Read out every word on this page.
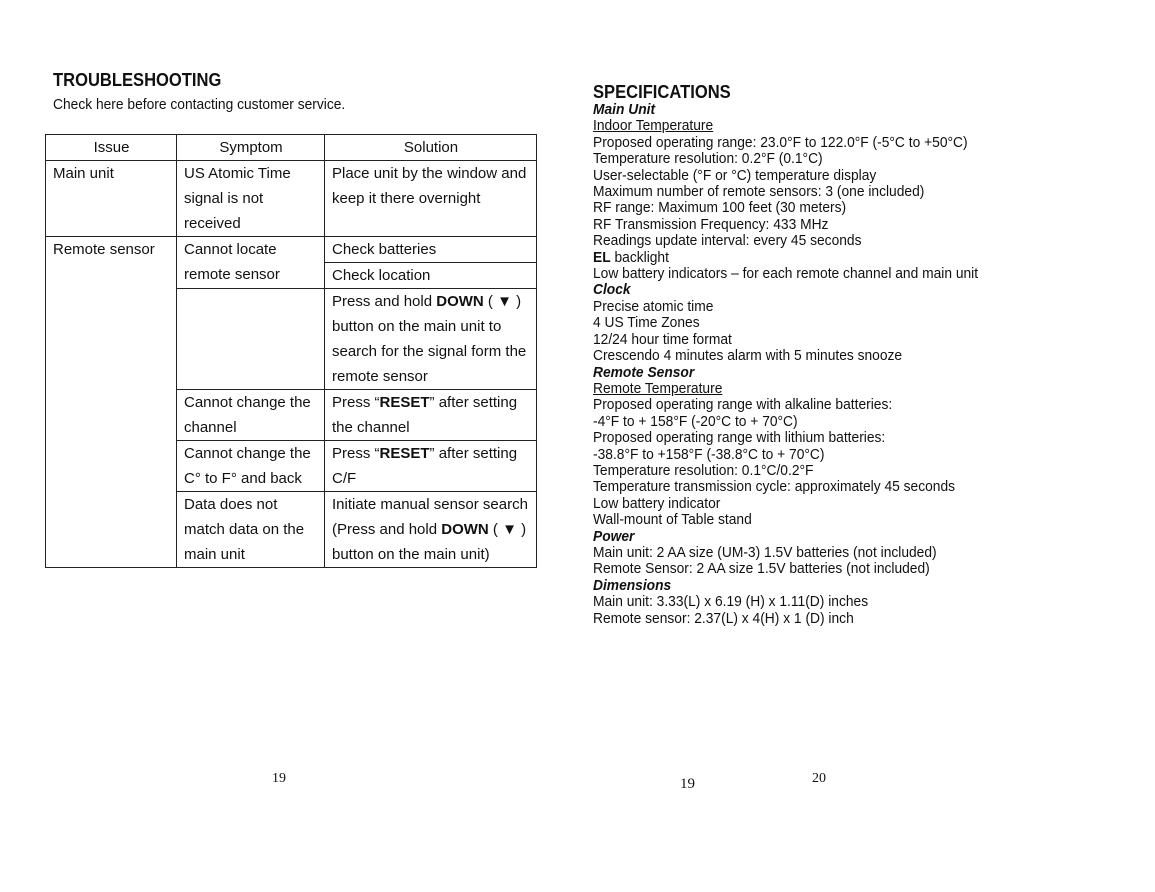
TROUBLESHOOTING
Check here before contacting customer service.
Issue	Symptom	Solution
Main unit	US Atomic Time signal is not received	Place unit by the window and keep it there overnight
Remote sensor	Cannot locate remote sensor	Check batteries
		Check location
		Press and hold DOWN ( ▼ ) button on the main unit to search for the signal form the remote sensor
	Cannot change the channel	Press “RESET” after setting the channel
	Cannot change the C° to F° and back	Press “RESET” after setting C/F
	Data does not match data on the main unit	Initiate manual sensor search (Press and hold DOWN ( ▼ ) button on the main unit)
19	19	20
SPECIFICATIONS
Main Unit
Indoor Temperature
Proposed operating range: 23.0°F to 122.0°F (-5°C to +50°C)
Temperature resolution: 0.2°F (0.1°C)
User-selectable (°F or °C) temperature display
Maximum number of remote sensors: 3 (one included)
RF range: Maximum 100 feet (30 meters)
RF Transmission Frequency: 433 MHz
Readings update interval: every 45 seconds
EL backlight
Low battery indicators – for each remote channel and main unit
Clock
Precise atomic time
4 US Time Zones
12/24 hour time format
Crescendo 4 minutes alarm with 5 minutes snooze
Remote Sensor
Remote Temperature
Proposed operating range with alkaline batteries:
-4°F to + 158°F (-20°C to + 70°C)
Proposed operating range with lithium batteries:
-38.8°F to +158°F (-38.8°C to + 70°C)
Temperature resolution: 0.1°C/0.2°F
Temperature transmission cycle: approximately 45 seconds
Low battery indicator
Wall-mount of Table stand
Power
Main unit: 2 AA size (UM-3) 1.5V batteries (not included)
Remote Sensor: 2 AA size 1.5V batteries (not included)
Dimensions
Main unit: 3.33(L) x 6.19 (H) x 1.11(D) inches
Remote sensor: 2.37(L) x 4(H) x 1 (D) inch
